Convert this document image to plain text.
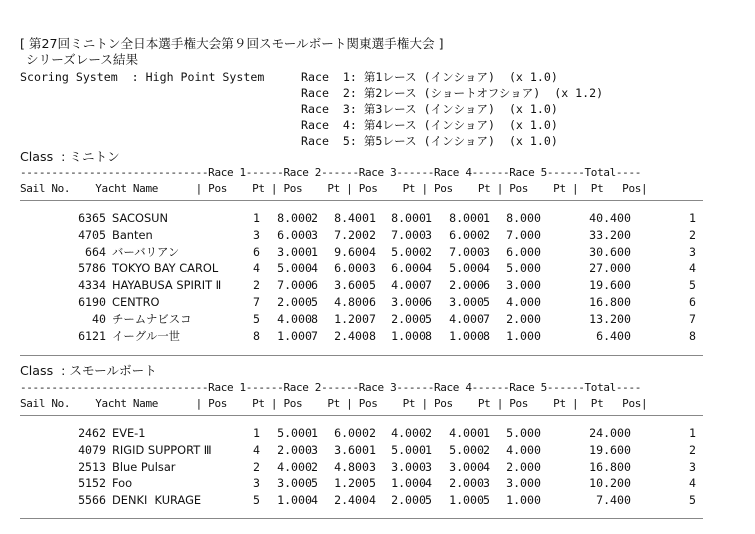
[ 第27回ミニトン全日本選手権大会第９回スモールボート関東選手権大会 ]
シリーズレース結果
Scoring System  : High Point System	Race  1: 第1レース (インショア)  (x 1.0)
Race  2: 第2レース (ショートオフショア)  (x 1.2)
Race  3: 第3レース (インショア)  (x 1.0)
Race  4: 第4レース (インショア)  (x 1.0)
Race  5: 第5レース (インショア)  (x 1.0)
Class  : ミニトン
------------------------------Race 1------Race 2------Race 3------Race 4------Race 5------Total----
Sail No.    Yacht Name      | Pos    Pt | Pos    Pt | Pos    Pt | Pos    Pt | Pos    Pt |  Pt   Pos|
6365 SACOSUN	1	8.000 2	8.400 1	8.000 1	8.000 1	8.000	40.400	1
4705 Banten	3	6.000 3	7.200 2	7.000 3	6.000 2	7.000	33.200	2
664 バーバリアン	6	3.000 1	9.600 4	5.000 2	7.000 3	6.000	30.600	3
5786 TOKYO BAY CAROL	4	5.000 4	6.000 3	6.000 4	5.000 4	5.000	27.000	4
4334 HAYABUSA SPIRIT Ⅱ	2	7.000 6	3.600 5	4.000 7	2.000 6	3.000	19.600	5
6190 CENTRO	7	2.000 5	4.800 6	3.000 6	3.000 5	4.000	16.800	6
40 チームナビスコ	5	4.000 8	1.200 7	2.000 5	4.000 7	2.000	13.200	7
6121 イーグル一世	8	1.000 7	2.400 8	1.000 8	1.000 8	1.000	6.400	8
Class  : スモールボート
------------------------------Race 1------Race 2------Race 3------Race 4------Race 5------Total----
Sail No.    Yacht Name      | Pos    Pt | Pos    Pt | Pos    Pt | Pos    Pt | Pos    Pt |  Pt   Pos|
2462 EVE-1	1	5.000 1	6.000 2	4.000 2	4.000 1	5.000	24.000	1
4079 RIGID SUPPORT Ⅲ	4	2.000 3	3.600 1	5.000 1	5.000 2	4.000	19.600	2
2513 Blue Pulsar	2	4.000 2	4.800 3	3.000 3	3.000 4	2.000	16.800	3
5152 Foo	3	3.000 5	1.200 5	1.000 4	2.000 3	3.000	10.200	4
5566 DENKI  KURAGE	5	1.000 4	2.400 4	2.000 5	1.000 5	1.000	7.400	5
